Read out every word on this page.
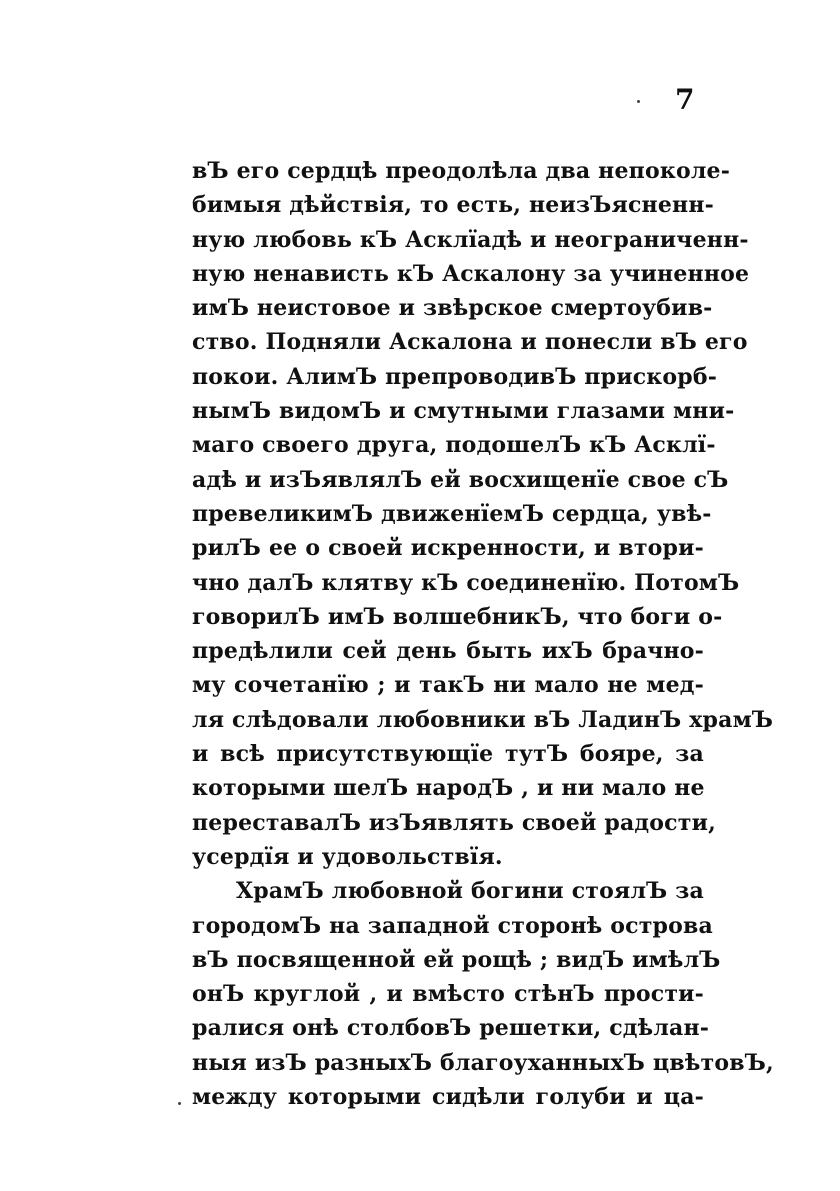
7
вЪ его сердцѣ преодолѣла два непоколе-
бимыя дѣйствія, то есть, неизЪясненн-
ную любовь кЪ Асклїадѣ и неограниченн-
ную ненависть кЪ Аскалону за учиненное
имЪ неистовое и звѣрское смертоубив-
ство. Подняли Аскалона и понесли вЪ его
покои. АлимЪ препроводивЪ прискорб-
нымЪ видомЪ и смутными глазами мни-
маго своего друга, подошелЪ кЪ Асклї-
адѣ и изЪявлялЪ ей восхищенїе свое сЪ
превеликимЪ движенїемЪ сердца, увѣ-
рилЪ ее о своей искренности, и втори-
чно далЪ клятву кЪ соединенїю. ПотомЪ
говорилЪ имЪ волшебникЪ, что боги о-
предѣлили сей день быть ихЪ брачно-
му сочетанїю ; и такЪ ни мало не мед-
ля слѣдовали любовники вЪ ЛадинЪ храмЪ
и всѣ присутствующїе тутЪ бояре, за
которыми шелЪ народЪ , и ни мало не
переставалЪ изЪявлять своей радости,
усердїя и удовольствїя.
ХрамЪ любовной богини стоялЪ за
городомЪ на западной сторонѣ острова
вЪ посвященной ей рощѣ ; видЪ имѣлЪ
онЪ круглой , и вмѣсто стѣнЪ прости-
ралися онѣ столбовЪ решетки, сдѣлан-
ныя изЪ разныхЪ благоуханныхЪ цвѣтовЪ,
между которыми сидѣли голуби и ца-
